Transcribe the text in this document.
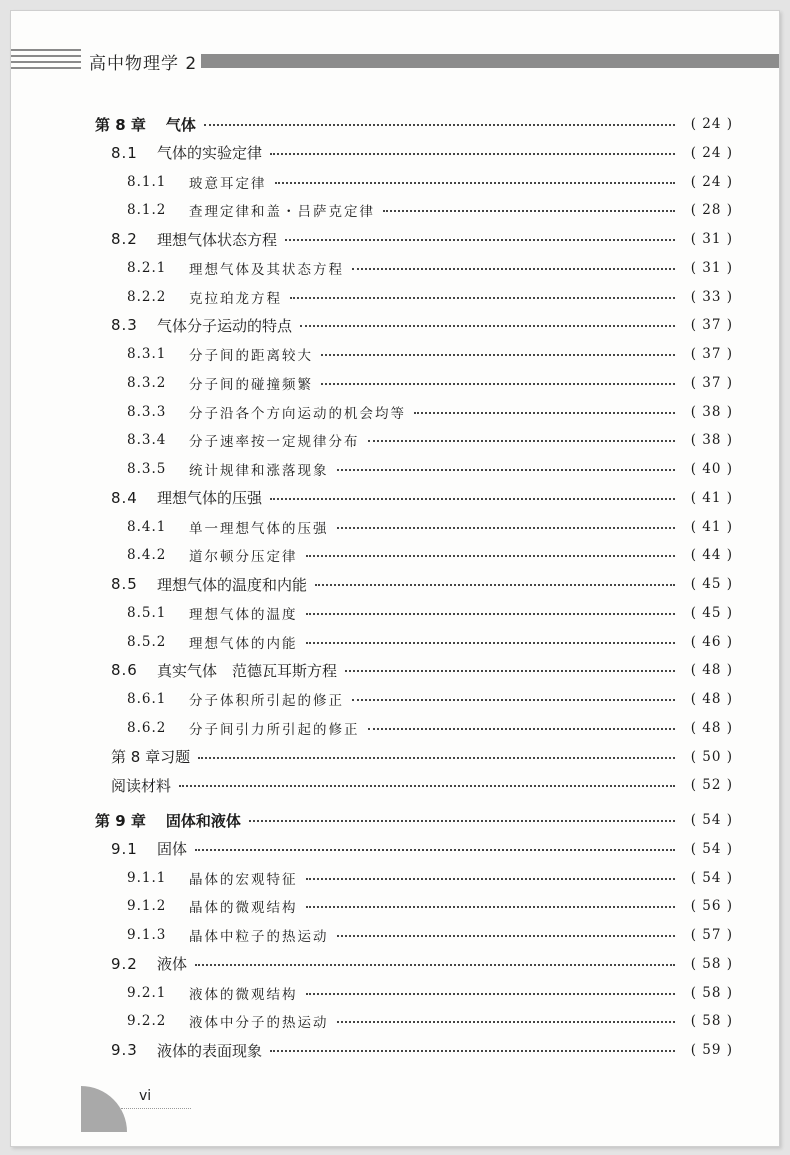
高中物理学 2
第 8 章 气体	( 24 )
8.1	气体的实验定律	( 24 )
8.1.1	玻意耳定律	( 24 )
8.1.2	查理定律和盖・吕萨克定律	( 28 )
8.2	理想气体状态方程	( 31 )
8.2.1	理想气体及其状态方程	( 31 )
8.2.2	克拉珀龙方程	( 33 )
8.3	气体分子运动的特点	( 37 )
8.3.1	分子间的距离较大	( 37 )
8.3.2	分子间的碰撞频繁	( 37 )
8.3.3	分子沿各个方向运动的机会均等	( 38 )
8.3.4	分子速率按一定规律分布	( 38 )
8.3.5	统计规律和涨落现象	( 40 )
8.4	理想气体的压强	( 41 )
8.4.1	单一理想气体的压强	( 41 )
8.4.2	道尔顿分压定律	( 44 )
8.5	理想气体的温度和内能	( 45 )
8.5.1	理想气体的温度	( 45 )
8.5.2	理想气体的内能	( 46 )
8.6	真实气体　范德瓦耳斯方程	( 48 )
8.6.1	分子体积所引起的修正	( 48 )
8.6.2	分子间引力所引起的修正	( 48 )
第 8 章习题	( 50 )
阅读材料	( 52 )
第 9 章 固体和液体	( 54 )
9.1	固体	( 54 )
9.1.1	晶体的宏观特征	( 54 )
9.1.2	晶体的微观结构	( 56 )
9.1.3	晶体中粒子的热运动	( 57 )
9.2	液体	( 58 )
9.2.1	液体的微观结构	( 58 )
9.2.2	液体中分子的热运动	( 58 )
9.3	液体的表面现象	( 59 )
vi
